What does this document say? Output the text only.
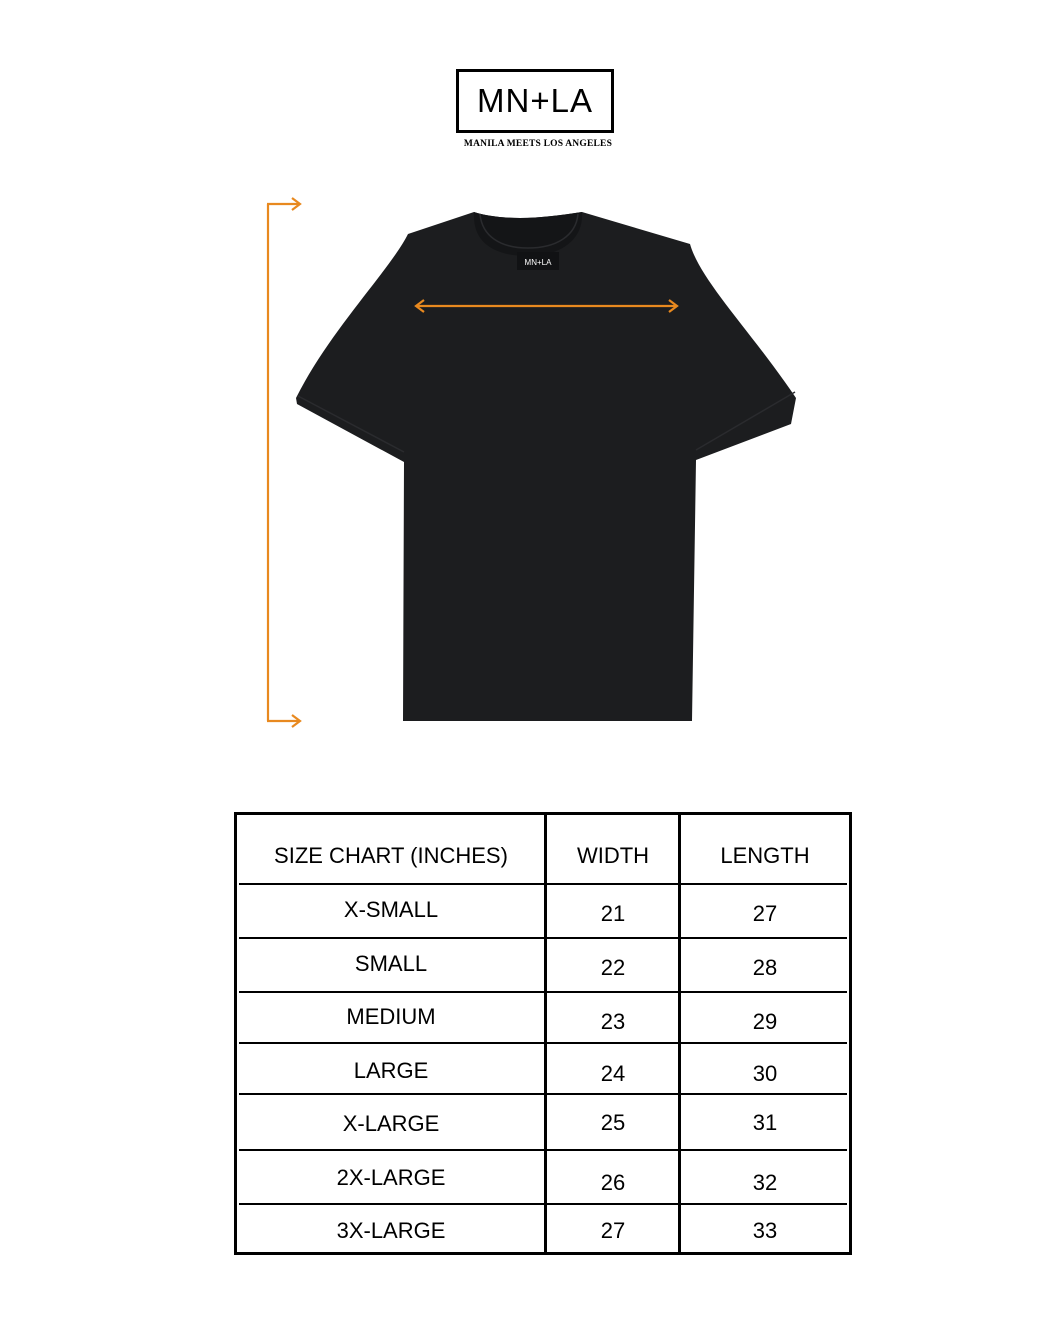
MN+LA
MANILA MEETS LOS ANGELES
MN+LA
SIZE CHART (INCHES)	WIDTH	LENGTH
X-SMALL	21	27
SMALL	22	28
MEDIUM	23	29
LARGE	24	30
X-LARGE	25	31
2X-LARGE	26	32
3X-LARGE	27	33
